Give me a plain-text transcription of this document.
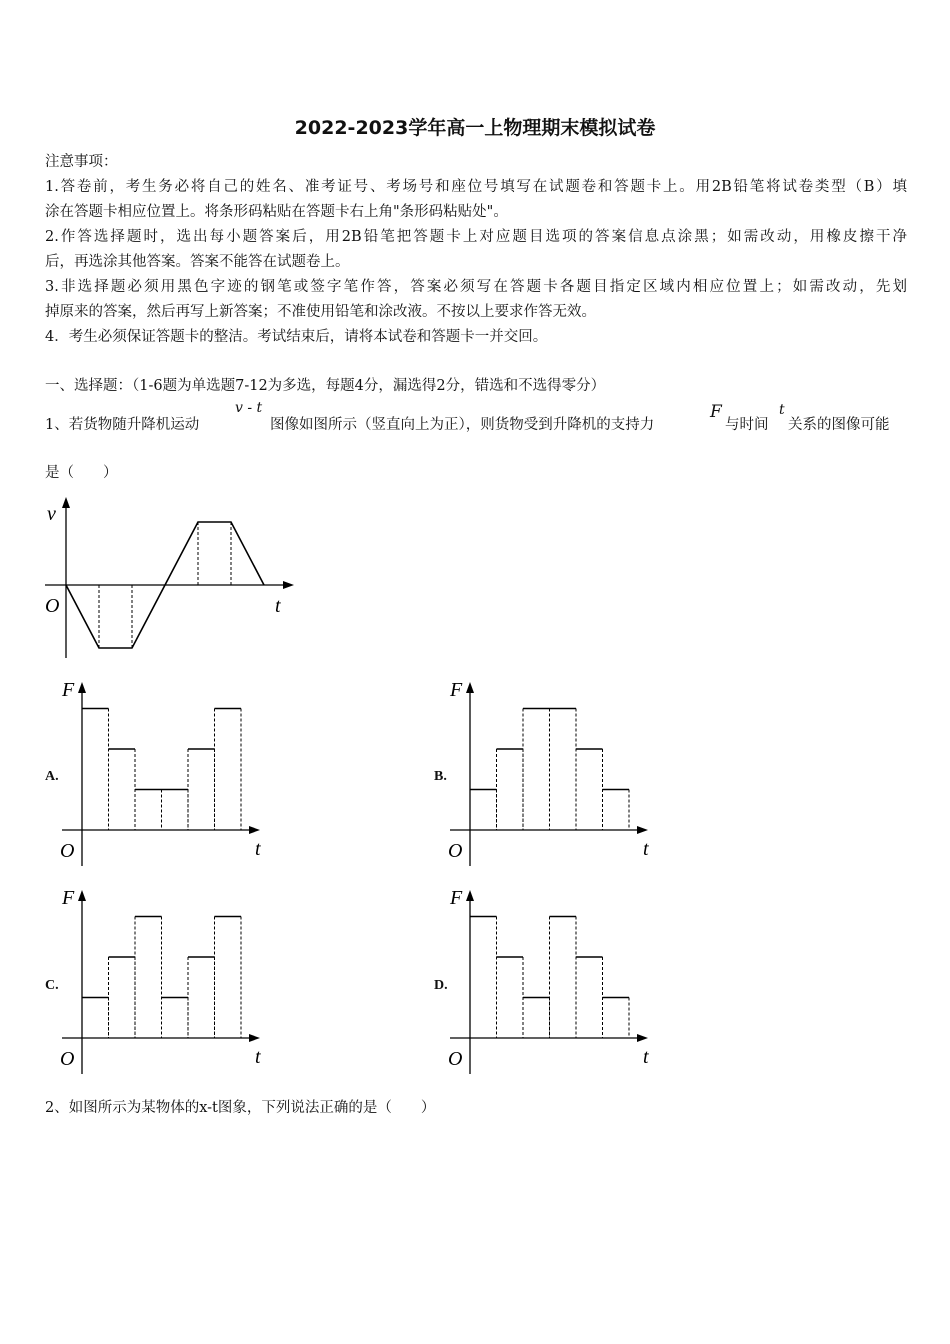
2022-2023学年高一上物理期末模拟试卷
注意事项：
1.答卷前，考生务必将自己的姓名、准考证号、考场号和座位号填写在试题卷和答题卡上。用2B铅笔将试卷类型（B）填
涂在答题卡相应位置上。将条形码粘贴在答题卡右上角"条形码粘贴处"。
2.作答选择题时，选出每小题答案后，用2B铅笔把答题卡上对应题目选项的答案信息点涂黑；如需改动，用橡皮擦干净
后，再选涂其他答案。答案不能答在试题卷上。
3.非选择题必须用黑色字迹的钢笔或签字笔作答，答案必须写在答题卡各题目指定区域内相应位置上；如需改动，先划
掉原来的答案，然后再写上新答案；不准使用铅笔和涂改液。不按以上要求作答无效。
4．考生必须保证答题卡的整洁。考试结束后，请将本试卷和答题卡一并交回。
一、选择题：（1-6题为单选题7-12为多选，每题4分，漏选得2分，错选和不选得零分）
1、若货物随升降机运动
v - t
图像如图所示（竖直向上为正），则货物受到升降机的支持力
F
与时间
t
关系的图像可能
是（　　）
v
t
O
A.	B.
C.	D.
F
t
O
F
t
O
F
t
O
F
t
O
2、如图所示为某物体的x-t图象，下列说法正确的是（　　）
